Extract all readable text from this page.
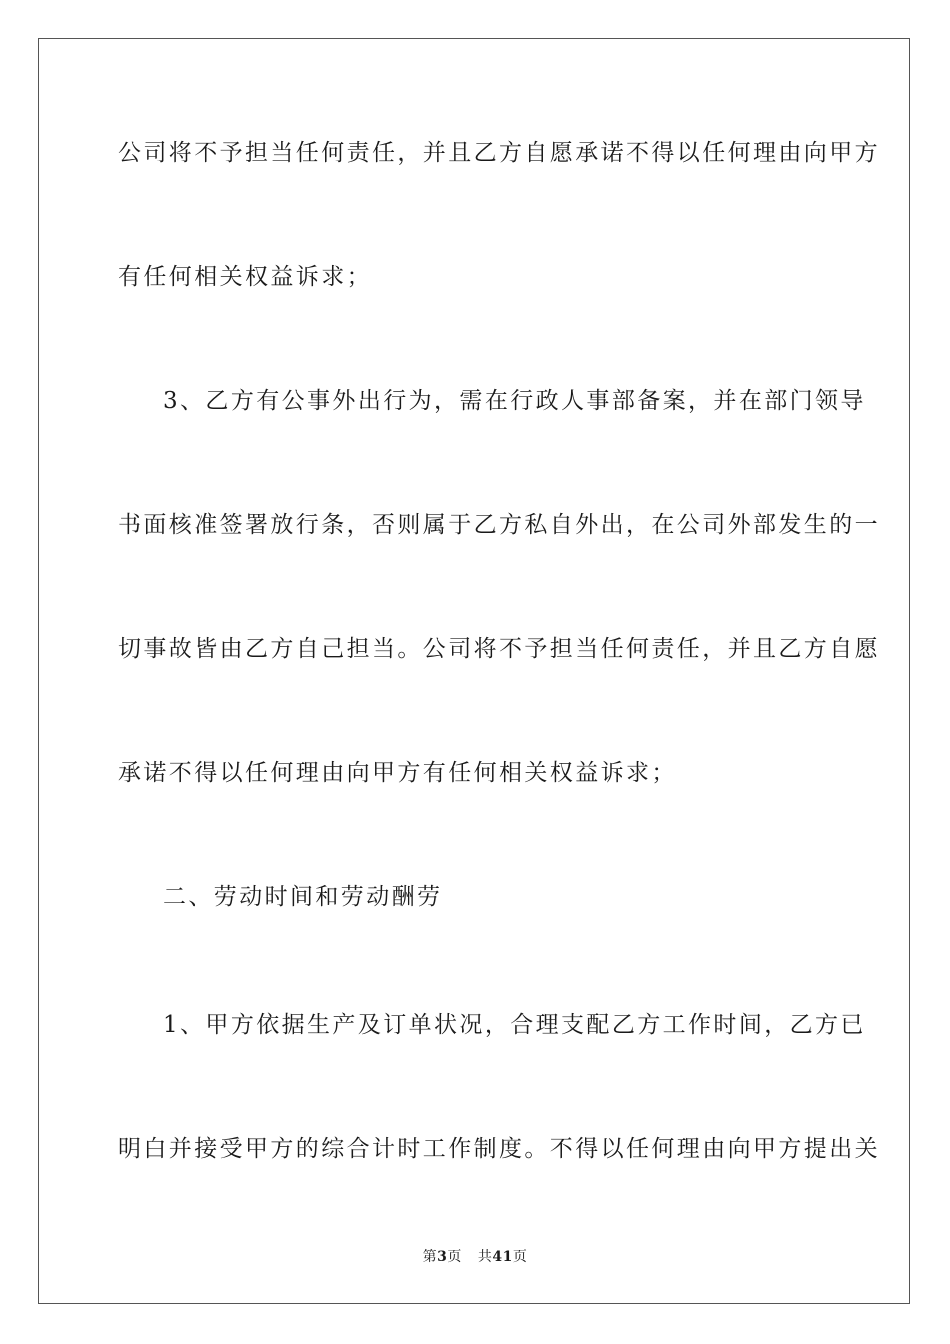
公司将不予担当任何责任，并且乙方自愿承诺不得以任何理由向甲方
有任何相关权益诉求；
3、乙方有公事外出行为，需在行政人事部备案，并在部门领导
书面核准签署放行条，否则属于乙方私自外出，在公司外部发生的一
切事故皆由乙方自己担当。公司将不予担当任何责任，并且乙方自愿
承诺不得以任何理由向甲方有任何相关权益诉求；
二、劳动时间和劳动酬劳
1、甲方依据生产及订单状况，合理支配乙方工作时间，乙方已
明白并接受甲方的综合计时工作制度。不得以任何理由向甲方提出关
第3页 共41页
